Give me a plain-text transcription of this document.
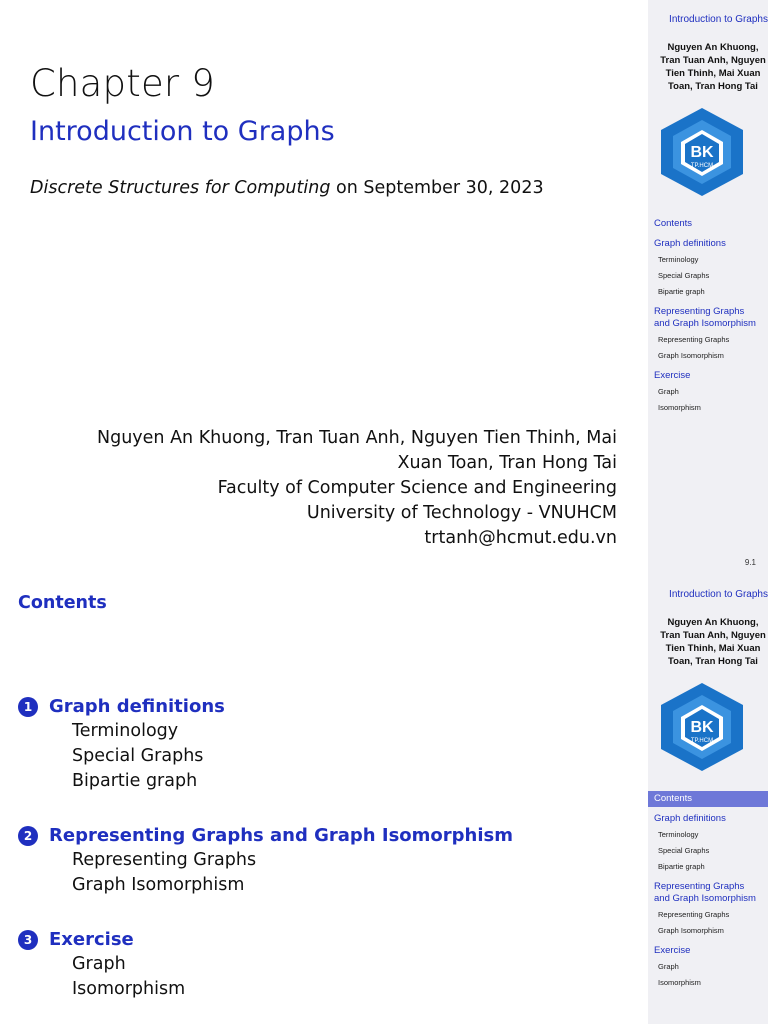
Chapter 9
Introduction to Graphs
Discrete Structures for Computing on September 30, 2023
Nguyen An Khuong, Tran Tuan Anh, Nguyen Tien Thinh, Mai
Xuan Toan, Tran Hong Tai
Faculty of Computer Science and Engineering
University of Technology - VNUHCM
trtanh@hcmut.edu.vn
Introduction to Graphs
Nguyen An Khuong,
Tran Tuan Anh, Nguyen
Tien Thinh, Mai Xuan
Toan, Tran Hong Tai
BK
TP.HCM
Contents
Graph definitions
Terminology
Special Graphs
Bipartie graph
Representing Graphs and Graph Isomorphism
Representing Graphs
Graph Isomorphism
Exercise
Graph
Isomorphism
9.1
Contents
1 Graph definitions
Terminology
Special Graphs
Bipartie graph
2 Representing Graphs and Graph Isomorphism
Representing Graphs
Graph Isomorphism
3 Exercise
Graph
Isomorphism
Introduction to Graphs
Nguyen An Khuong,
Tran Tuan Anh, Nguyen
Tien Thinh, Mai Xuan
Toan, Tran Hong Tai
BK
TP.HCM
Contents
Graph definitions
Terminology
Special Graphs
Bipartie graph
Representing Graphs and Graph Isomorphism
Representing Graphs
Graph Isomorphism
Exercise
Graph
Isomorphism
